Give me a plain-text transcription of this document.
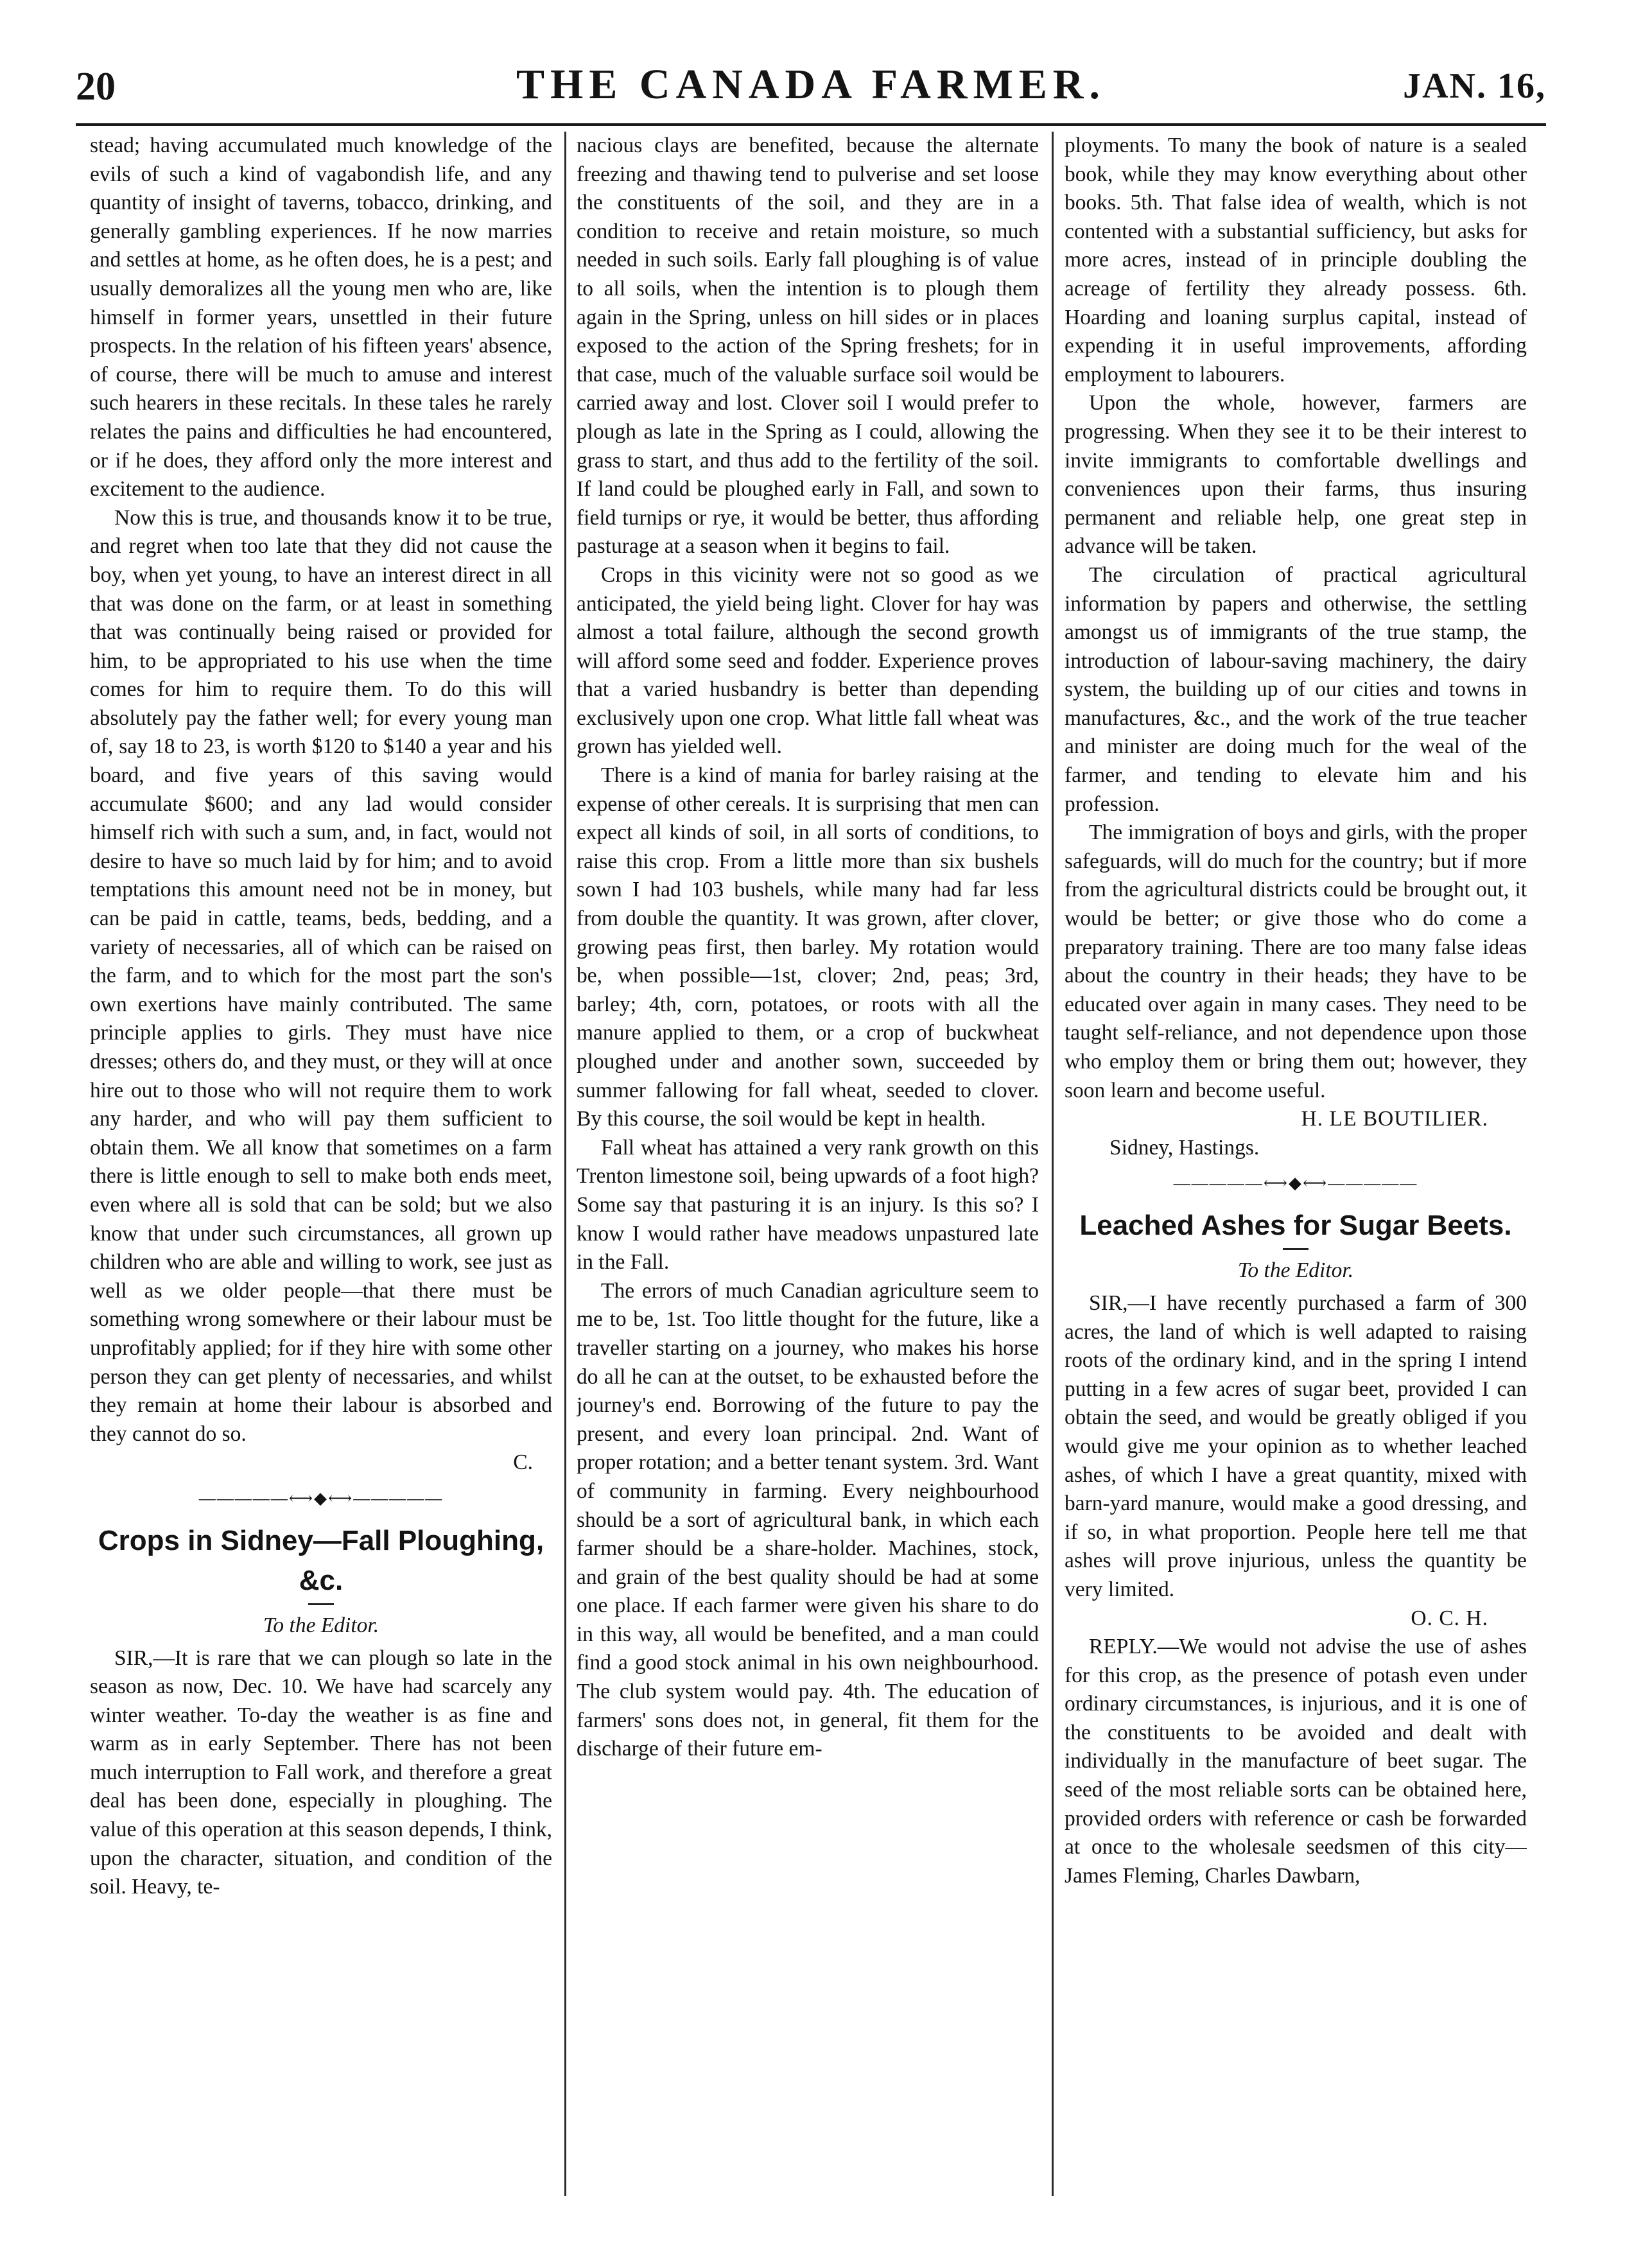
20	THE CANADA FARMER.	JAN. 16,

stead; having accumulated much knowledge of the evils of such a kind of vagabondish life, and any quantity of insight of taverns, tobacco, drinking, and generally gambling experiences. If he now marries and settles at home, as he often does, he is a pest; and usually demoralizes all the young men who are, like himself in former years, unsettled in their future prospects. In the relation of his fifteen years' absence, of course, there will be much to amuse and interest such hearers in these recitals. In these tales he rarely relates the pains and difficulties he had encountered, or if he does, they afford only the more interest and excitement to the audience.

Now this is true, and thousands know it to be true, and regret when too late that they did not cause the boy, when yet young, to have an interest direct in all that was done on the farm, or at least in something that was continually being raised or provided for him, to be appropriated to his use when the time comes for him to require them. To do this will absolutely pay the father well; for every young man of, say 18 to 23, is worth $120 to $140 a year and his board, and five years of this saving would accumulate $600; and any lad would consider himself rich with such a sum, and, in fact, would not desire to have so much laid by for him; and to avoid temptations this amount need not be in money, but can be paid in cattle, teams, beds, bedding, and a variety of necessaries, all of which can be raised on the farm, and to which for the most part the son's own exertions have mainly contributed. The same principle applies to girls. They must have nice dresses; others do, and they must, or they will at once hire out to those who will not require them to work any harder, and who will pay them sufficient to obtain them. We all know that sometimes on a farm there is little enough to sell to make both ends meet, even where all is sold that can be sold; but we also know that under such circumstances, all grown up children who are able and willing to work, see just as well as we older people—that there must be something wrong somewhere or their labour must be unprofitably applied; for if they hire with some other person they can get plenty of necessaries, and whilst they remain at home their labour is absorbed and they cannot do so.

C.

—————⟷◆⟷—————
Crops in Sidney—Fall Ploughing, &c.
To the Editor.

SIR,—It is rare that we can plough so late in the season as now, Dec. 10. We have had scarcely any winter weather. To-day the weather is as fine and warm as in early September. There has not been much interruption to Fall work, and therefore a great deal has been done, especially in ploughing. The value of this operation at this season depends, I think, upon the character, situation, and condition of the soil. Heavy, te-

nacious clays are benefited, because the alternate freezing and thawing tend to pulverise and set loose the constituents of the soil, and they are in a condition to receive and retain moisture, so much needed in such soils. Early fall ploughing is of value to all soils, when the intention is to plough them again in the Spring, unless on hill sides or in places exposed to the action of the Spring freshets; for in that case, much of the valuable surface soil would be carried away and lost. Clover soil I would prefer to plough as late in the Spring as I could, allowing the grass to start, and thus add to the fertility of the soil. If land could be ploughed early in Fall, and sown to field turnips or rye, it would be better, thus affording pasturage at a season when it begins to fail.

Crops in this vicinity were not so good as we anticipated, the yield being light. Clover for hay was almost a total failure, although the second growth will afford some seed and fodder. Experience proves that a varied husbandry is better than depending exclusively upon one crop. What little fall wheat was grown has yielded well.

There is a kind of mania for barley raising at the expense of other cereals. It is surprising that men can expect all kinds of soil, in all sorts of conditions, to raise this crop. From a little more than six bushels sown I had 103 bushels, while many had far less from double the quantity. It was grown, after clover, growing peas first, then barley. My rotation would be, when possible—1st, clover; 2nd, peas; 3rd, barley; 4th, corn, potatoes, or roots with all the manure applied to them, or a crop of buckwheat ploughed under and another sown, succeeded by summer fallowing for fall wheat, seeded to clover. By this course, the soil would be kept in health.

Fall wheat has attained a very rank growth on this Trenton limestone soil, being upwards of a foot high? Some say that pasturing it is an injury. Is this so? I know I would rather have meadows unpastured late in the Fall.

The errors of much Canadian agriculture seem to me to be, 1st. Too little thought for the future, like a traveller starting on a journey, who makes his horse do all he can at the outset, to be exhausted before the journey's end. Borrowing of the future to pay the present, and every loan principal. 2nd. Want of proper rotation; and a better tenant system. 3rd. Want of community in farming. Every neighbourhood should be a sort of agricultural bank, in which each farmer should be a share-holder. Machines, stock, and grain of the best quality should be had at some one place. If each farmer were given his share to do in this way, all would be benefited, and a man could find a good stock animal in his own neighbourhood. The club system would pay. 4th. The education of farmers' sons does not, in general, fit them for the discharge of their future em-

ployments. To many the book of nature is a sealed book, while they may know everything about other books. 5th. That false idea of wealth, which is not contented with a substantial sufficiency, but asks for more acres, instead of in principle doubling the acreage of fertility they already possess. 6th. Hoarding and loaning surplus capital, instead of expending it in useful improvements, affording employment to labourers.

Upon the whole, however, farmers are progressing. When they see it to be their interest to invite immigrants to comfortable dwellings and conveniences upon their farms, thus insuring permanent and reliable help, one great step in advance will be taken.

The circulation of practical agricultural information by papers and otherwise, the settling amongst us of immigrants of the true stamp, the introduction of labour-saving machinery, the dairy system, the building up of our cities and towns in manufactures, &c., and the work of the true teacher and minister are doing much for the weal of the farmer, and tending to elevate him and his profession.

The immigration of boys and girls, with the proper safeguards, will do much for the country; but if more from the agricultural districts could be brought out, it would be better; or give those who do come a preparatory training. There are too many false ideas about the country in their heads; they have to be educated over again in many cases. They need to be taught self-reliance, and not dependence upon those who employ them or bring them out; however, they soon learn and become useful.

H. LE BOUTILIER.

Sidney, Hastings.

—————⟷◆⟷—————
Leached Ashes for Sugar Beets.
To the Editor.

SIR,—I have recently purchased a farm of 300 acres, the land of which is well adapted to raising roots of the ordinary kind, and in the spring I intend putting in a few acres of sugar beet, provided I can obtain the seed, and would be greatly obliged if you would give me your opinion as to whether leached ashes, of which I have a great quantity, mixed with barn-yard manure, would make a good dressing, and if so, in what proportion. People here tell me that ashes will prove injurious, unless the quantity be very limited.

O. C. H.

REPLY.—We would not advise the use of ashes for this crop, as the presence of potash even under ordinary circumstances, is injurious, and it is one of the constituents to be avoided and dealt with individually in the manufacture of beet sugar. The seed of the most reliable sorts can be obtained here, provided orders with reference or cash be forwarded at once to the wholesale seedsmen of this city—James Fleming, Charles Dawbarn,
